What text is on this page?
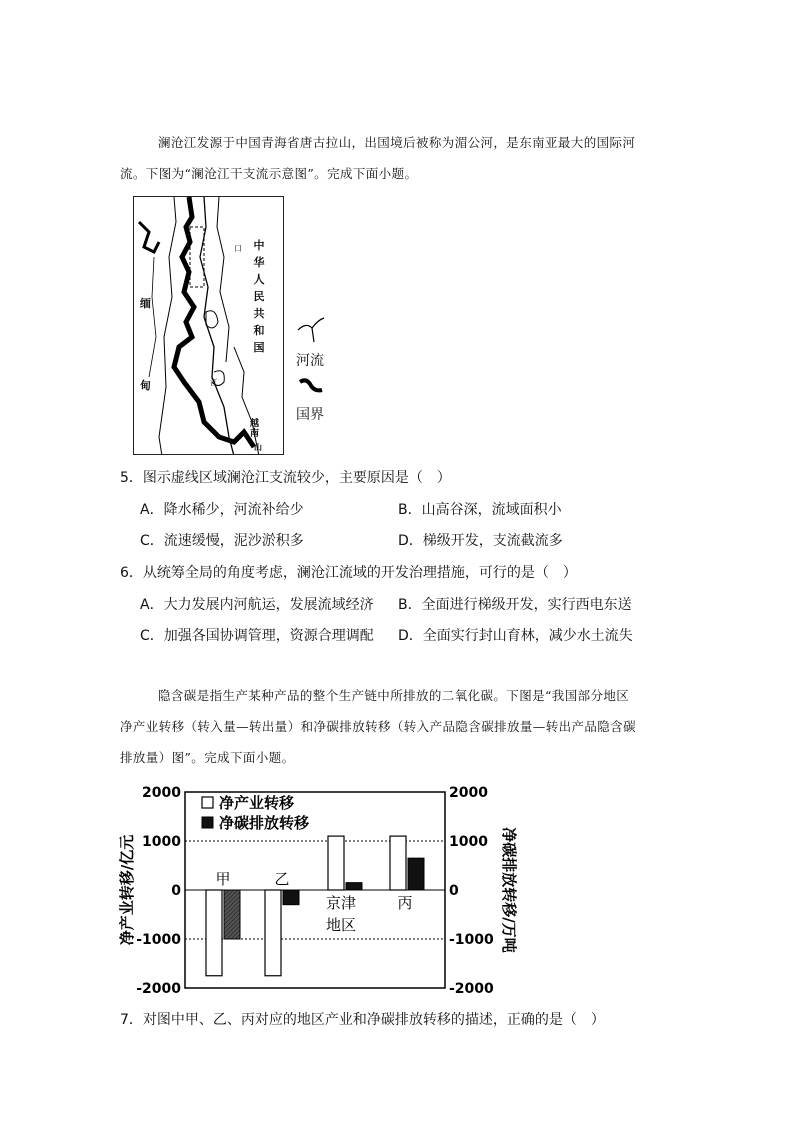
澜沧江发源于中国青海省唐古拉山，出国境后被称为湄公河，是东南亚最大的国际河
流。下图为“澜沧江干支流示意图”。完成下面小题。
中
华
人
民
共
和
国
缅
甸
越南
山
江
口
河流
国界
5．图示虚线区域澜沧江支流较少，主要原因是（　）
A．降水稀少，河流补给少	B．山高谷深，流域面积小
C．流速缓慢，泥沙淤积多	D．梯级开发，支流截流多
6．从统筹全局的角度考虑，澜沧江流域的开发治理措施，可行的是（　）
A．大力发展内河航运，发展流域经济 B．全面进行梯级开发，实行西电东送
C．加强各国协调管理，资源合理调配 D．全面实行封山育林，减少水土流失
隐含碳是指生产某种产品的整个生产链中所排放的二氧化碳。下图是“我国部分地区
净产业转移（转入量—转出量）和净碳排放转移（转入产品隐含碳排放量—转出产品隐含碳
排放量）图”。完成下面小题。
2000
1000
0
-1000
-2000
2000
1000
0
-1000
-2000
净产业转移/亿元	净碳排放转移/万吨
甲	乙
京津
地区
丙
净产业转移
净碳排放转移
7．对图中甲、乙、丙对应的地区产业和净碳排放转移的描述，正确的是（　）
